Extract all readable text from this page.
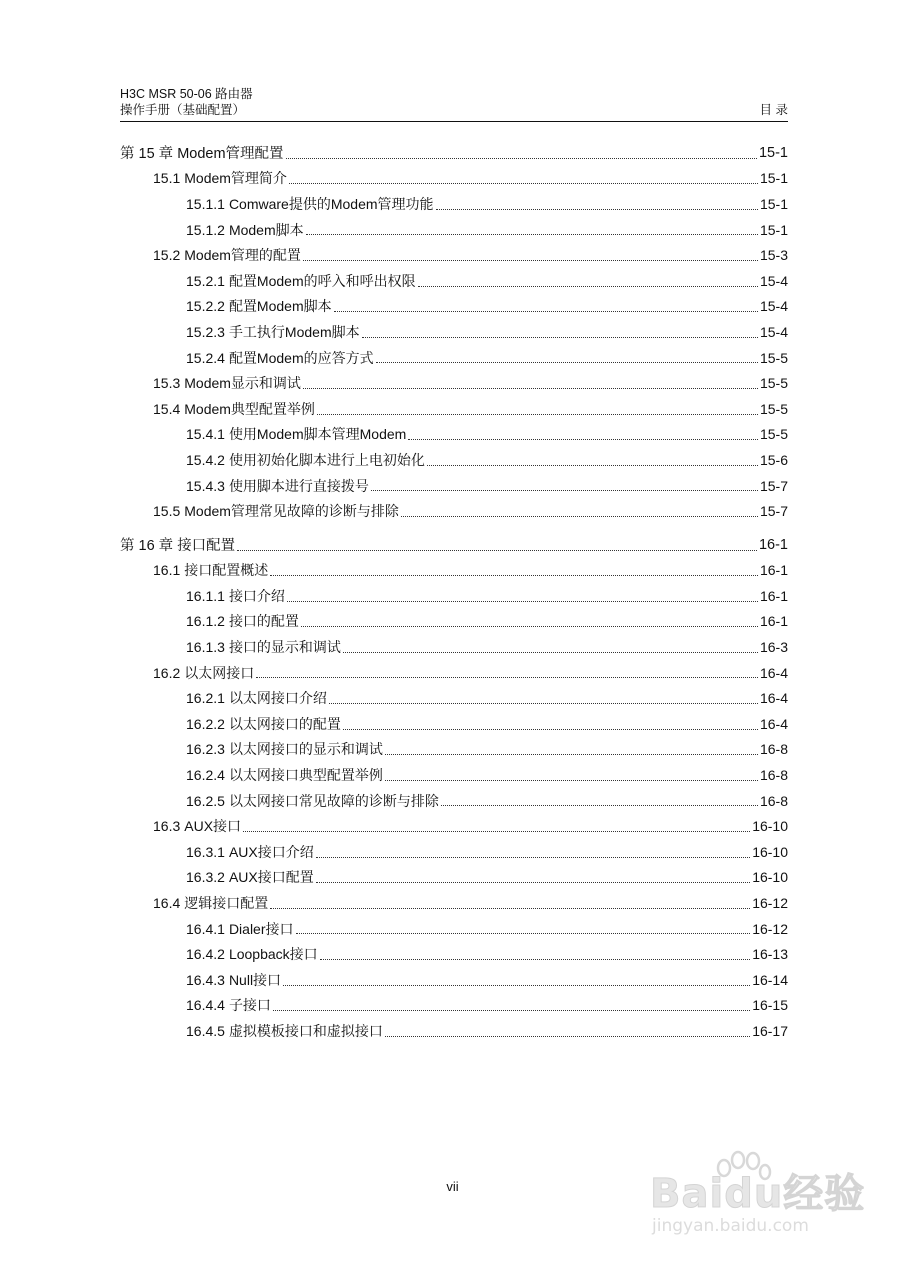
H3C MSR 50-06 路由器
操作手册（基础配置）	目 录
第 15 章 Modem管理配置	15-1
15.1 Modem管理简介	15-1
15.1.1 Comware提供的Modem管理功能	15-1
15.1.2 Modem脚本	15-1
15.2 Modem管理的配置	15-3
15.2.1 配置Modem的呼入和呼出权限	15-4
15.2.2 配置Modem脚本	15-4
15.2.3 手工执行Modem脚本	15-4
15.2.4 配置Modem的应答方式	15-5
15.3 Modem显示和调试	15-5
15.4 Modem典型配置举例	15-5
15.4.1 使用Modem脚本管理Modem	15-5
15.4.2 使用初始化脚本进行上电初始化	15-6
15.4.3 使用脚本进行直接拨号	15-7
15.5 Modem管理常见故障的诊断与排除	15-7
第 16 章 接口配置	16-1
16.1 接口配置概述	16-1
16.1.1 接口介绍	16-1
16.1.2 接口的配置	16-1
16.1.3 接口的显示和调试	16-3
16.2 以太网接口	16-4
16.2.1 以太网接口介绍	16-4
16.2.2 以太网接口的配置	16-4
16.2.3 以太网接口的显示和调试	16-8
16.2.4 以太网接口典型配置举例	16-8
16.2.5 以太网接口常见故障的诊断与排除	16-8
16.3 AUX接口	16-10
16.3.1 AUX接口介绍	16-10
16.3.2 AUX接口配置	16-10
16.4 逻辑接口配置	16-12
16.4.1 Dialer接口	16-12
16.4.2 Loopback接口	16-13
16.4.3 Null接口	16-14
16.4.4 子接口	16-15
16.4.5 虚拟模板接口和虚拟接口	16-17
vii	Baidu经验
jingyan.baidu.com
